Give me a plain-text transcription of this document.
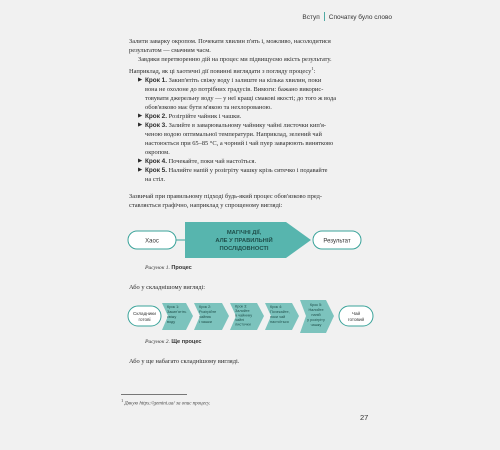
Вступ Спочатку було слово

Залити заварку окропом. Почекати хвилин п'ять і, можливо, насолодитися

результатом — смачним часм.

Завдяки перетворенню дій на процес ми підвищуємо якість результату.

Наприклад, як ці хаотичні дії повинні виглядати з погляду процесу$^1$:

▶ Крок 1. Закип'ятіть свіжу воду і залиште на кілька хвилин, поки
вона не охолоне до потрібних градусів. Вимоги: бажано викорис-
товувати джерельну воду — у неї кращі смакові якості; до того ж вода
обов'язково має бути м'якою та нехлорованою.
▶ Крок 2. Розігрійте чайник і чашки.
▶ Крок 3. Залийте в заварювальному чайнику чайні листочки кип'я-
ченою водою оптимальної температури. Наприклад, зелений чай
настоюється при 65–85 °С, а чорний і чай пуер заварюють винятково
окропом.
▶ Крок 4. Почекайте, поки чай настоїться.
▶ Крок 5. Налийте напій у розігріту чашку крізь ситечко і подавайте
на стіл.

Зазвичай при правильному підході будь-який процес обов'язково пред-

ставляється графічно, наприклад у спрощеному вигляді:

Хаос
МАГІЧНІ ДІЇ,
АЛЕ У ПРАВИЛЬНІЙ
ПОСЛІДОВНОСТІ
Результат
Складники
готові
Крок 1:
Закип'ятіть
свіжу
воду
Крок 2:
Розігрійте
чайник
і чашки
Крок 3:
Залийте
в чайнику
чайні
листочки
Крок 4:
Почекайте,
поки чай
настоїться
Крок 5:
Налийте
напій
у розігріту
чашку
Чай
готовий
Рисунок 1. Процес
Або у складнішому вигляді:
Рисунок 2. Ще процес
Або у ще набагато складнішому вигляді.
1 Дякую https://gemini.ua/ за опис процесу.
27
